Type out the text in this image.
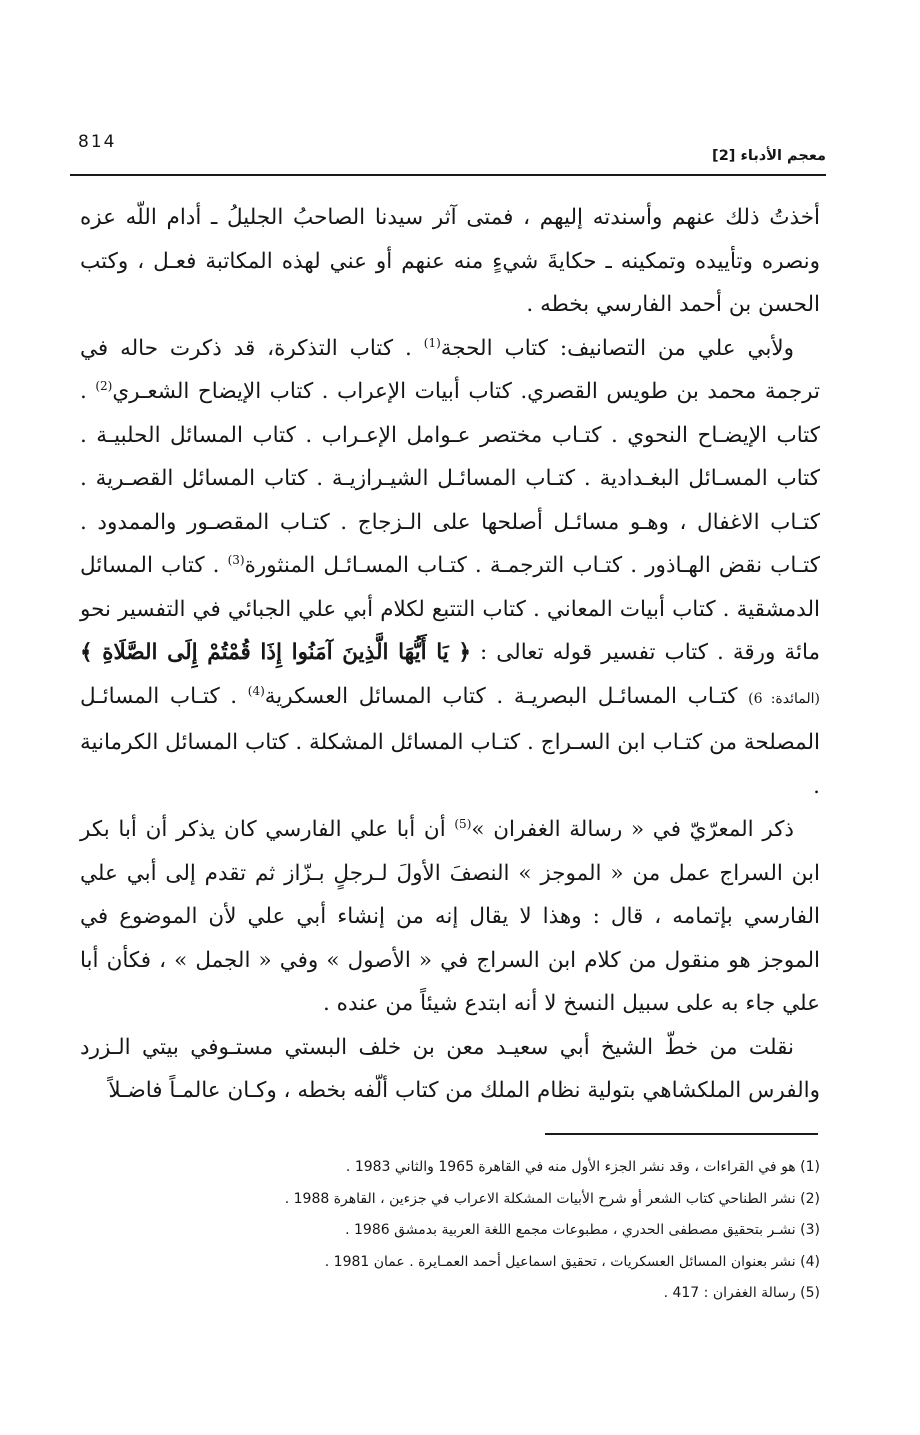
814
معجم الأدباء [2]

أخذتُ ذلك عنهم وأسندته إليهم ، فمتى آثر سيدنا الصاحبُ الجليلُ ـ أدام اللّه عزه ونصره وتأييده وتمكينه ـ حكايةَ شيءٍ منه عنهم أو عني لهذه المكاتبة فعـل ، وكتب الحسن بن أحمد الفارسي بخطه .

ولأبي علي من التصانيف: كتاب الحجة$^{(1)}$ . كتاب التذكرة، قد ذكرت حاله في ترجمة محمد بن طويس القصري. كتاب أبيات الإعراب . كتاب الإيضاح الشعـري$^{(2)}$ . كتاب الإيضـاح النحوي . كتـاب مختصر عـوامل الإعـراب . كتاب المسائل الحلبيـة . كتاب المسـائل البغـدادية . كتـاب المسائـل الشيـرازيـة . كتاب المسائل القصـرية . كتـاب الاغفال ، وهـو مسائـل أصلحها على الـزجاج . كتـاب المقصـور والممدود . كتـاب نقض الهـاذور . كتـاب الترجمـة . كتـاب المسـائـل المنثورة$^{(3)}$ . كتاب المسائل الدمشقية . كتاب أبيات المعاني . كتاب التتبع لكلام أبي علي الجبائي في التفسير نحو مائة ورقة . كتاب تفسير قوله تعالى : ﴿ يَا أَيُّهَا الَّذِينَ آمَنُوا إِذَا قُمْتُمْ إِلَى الصَّلَاةِ ﴾ (المائدة: 6) كتـاب المسائـل البصريـة . كتاب المسائل العسكرية$^{(4)}$ . كتـاب المسائـل المصلحة من كتـاب ابن السـراج . كتـاب المسائل المشكلة . كتاب المسائل الكرمانية .

ذكر المعرّيّ في « رسالة الغفران »$^{(5)}$ أن أبا علي الفارسي كان يذكر أن أبا بكر ابن السراج عمل من « الموجز » النصفَ الأولَ لـرجلٍ بـزّاز ثم تقدم إلى أبي علي الفارسي بإتمامه ، قال : وهذا لا يقال إنه من إنشاء أبي علي لأن الموضوع في الموجز هو منقول من كلام ابن السراج في « الأصول » وفي « الجمل » ، فكأن أبا علي جاء به على سبيل النسخ لا أنه ابتدع شيئاً من عنده .

نقلت من خطّ الشيخ أبي سعيـد معن بن خلف البستي مستـوفي بيتي الـزرد والفرس الملكشاهي بتولية نظام الملك من كتاب ألّفه بخطه ، وكـان عالمـاً فاضـلاً

(1) هو في القراءات ، وقد نشر الجزء الأول منه في القاهرة 1965 والثاني 1983 .
(2) نشر الطناحي كتاب الشعر أو شرح الأبيات المشكلة الاعراب في جزءين ، القاهرة 1988 .
(3) نشـر بتحقيق مصطفى الحدري ، مطبوعات مجمع اللغة العربية بدمشق 1986 .
(4) نشر بعنوان المسائل العسكريات ، تحقيق اسماعيل أحمد العمـايرة . عمان 1981 .
(5) رسالة الغفران : 417 .
